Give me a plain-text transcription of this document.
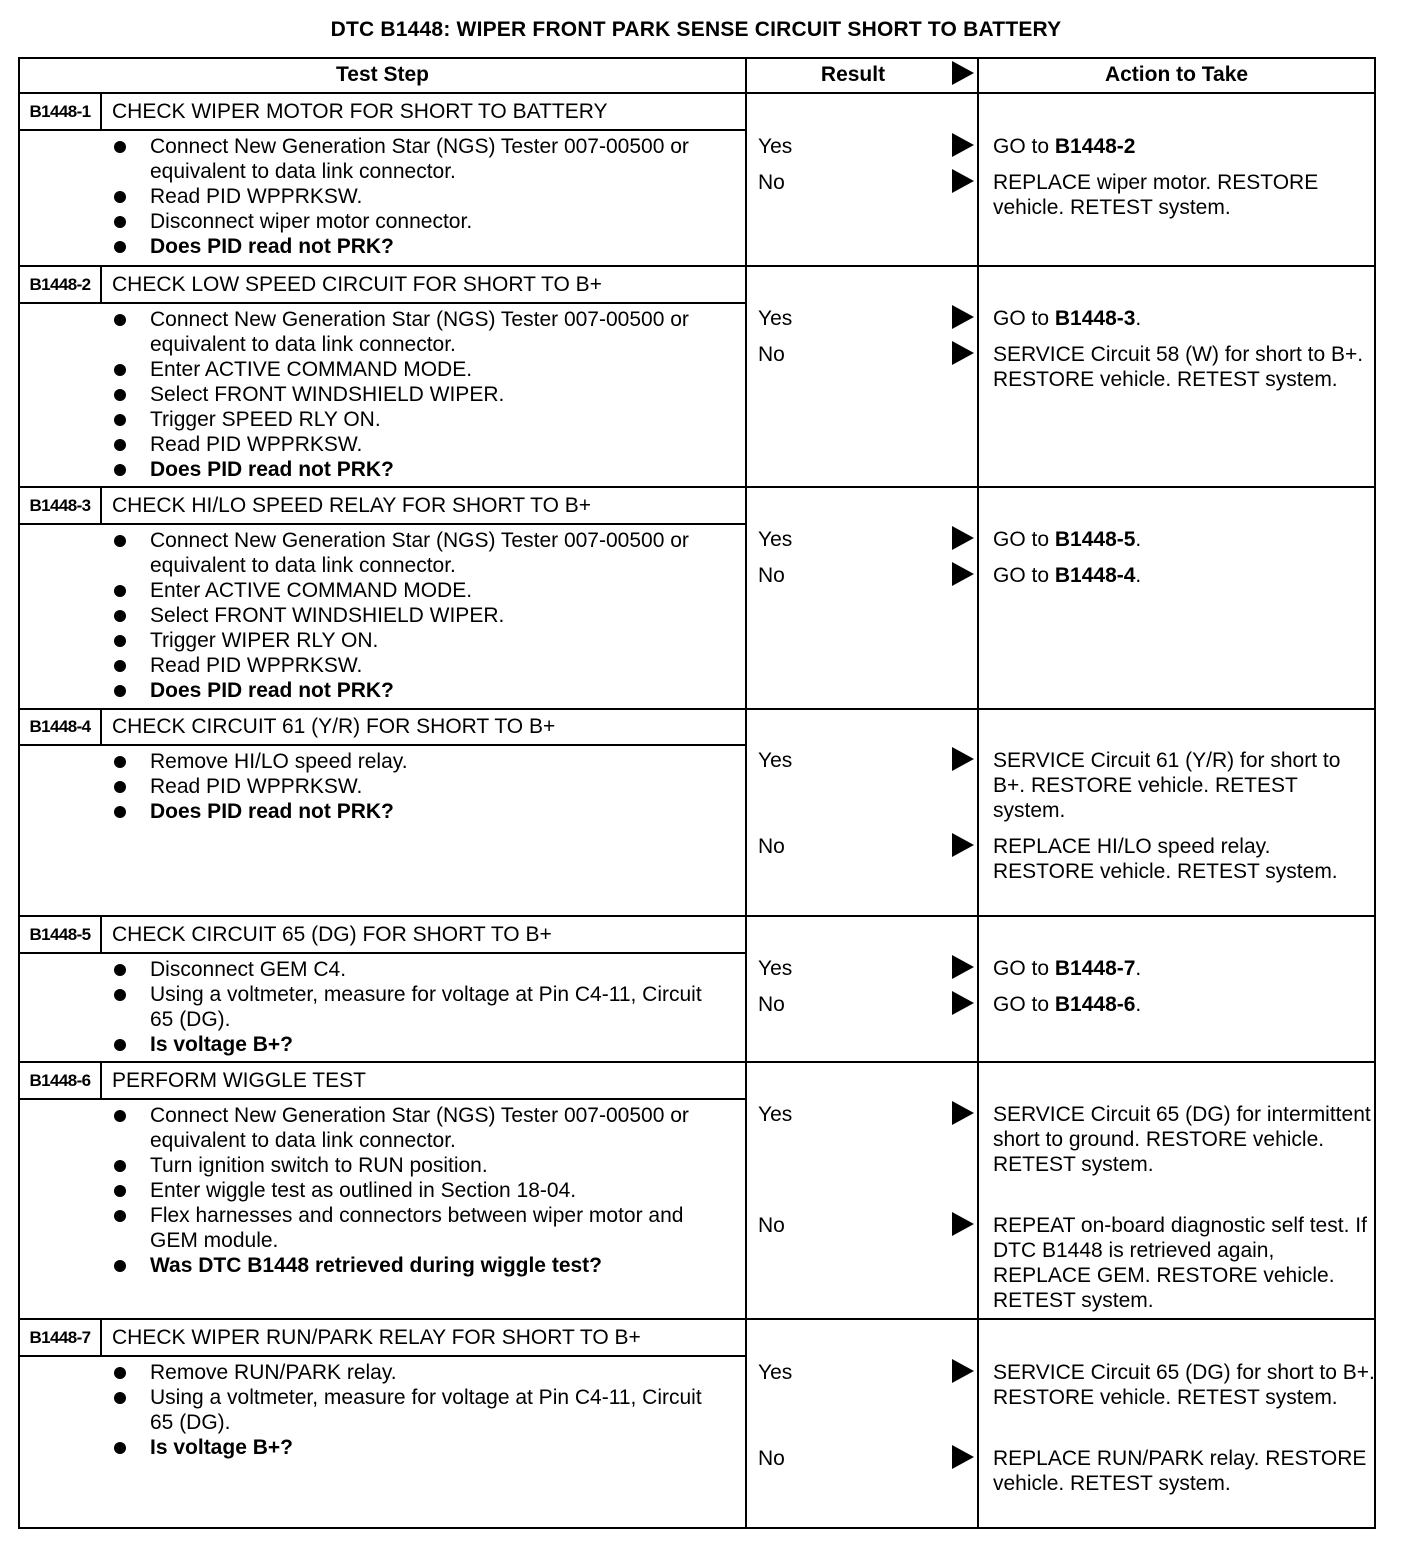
DTC B1448: WIPER FRONT PARK SENSE CIRCUIT SHORT TO BATTERY
Test Step	Result	Action to Take
B1448-1	CHECK WIPER MOTOR FOR SHORT TO BATTERY
Connect New Generation Star (NGS) Tester 007-00500 or equivalent to data link connector.
Read PID WPPRKSW.
Disconnect wiper motor connector.
Does PID read not PRK?
Yes	GO to B1448-2
No	REPLACE wiper motor. RESTORE vehicle. RETEST system.
B1448-2	CHECK LOW SPEED CIRCUIT FOR SHORT TO B+
Connect New Generation Star (NGS) Tester 007-00500 or equivalent to data link connector.
Enter ACTIVE COMMAND MODE.
Select FRONT WINDSHIELD WIPER.
Trigger SPEED RLY ON.
Read PID WPPRKSW.
Does PID read not PRK?
Yes	GO to B1448-3.
No	SERVICE Circuit 58 (W) for short to B+. RESTORE vehicle. RETEST system.
B1448-3	CHECK HI/LO SPEED RELAY FOR SHORT TO B+
Connect New Generation Star (NGS) Tester 007-00500 or equivalent to data link connector.
Enter ACTIVE COMMAND MODE.
Select FRONT WINDSHIELD WIPER.
Trigger WIPER RLY ON.
Read PID WPPRKSW.
Does PID read not PRK?
Yes	GO to B1448-5.
No	GO to B1448-4.
B1448-4	CHECK CIRCUIT 61 (Y/R) FOR SHORT TO B+
Remove HI/LO speed relay.
Read PID WPPRKSW.
Does PID read not PRK?
Yes	SERVICE Circuit 61 (Y/R) for short to B+. RESTORE vehicle. RETEST system.
No	REPLACE HI/LO speed relay. RESTORE vehicle. RETEST system.
B1448-5	CHECK CIRCUIT 65 (DG) FOR SHORT TO B+
Disconnect GEM C4.
Using a voltmeter, measure for voltage at Pin C4-11, Circuit 65 (DG).
Is voltage B+?
Yes	GO to B1448-7.
No	GO to B1448-6.
B1448-6	PERFORM WIGGLE TEST
Connect New Generation Star (NGS) Tester 007-00500 or equivalent to data link connector.
Turn ignition switch to RUN position.
Enter wiggle test as outlined in Section 18-04.
Flex harnesses and connectors between wiper motor and GEM module.
Was DTC B1448 retrieved during wiggle test?
Yes	SERVICE Circuit 65 (DG) for intermittent short to ground. RESTORE vehicle. RETEST system.
No	REPEAT on-board diagnostic self test. If DTC B1448 is retrieved again, REPLACE GEM. RESTORE vehicle. RETEST system.
B1448-7	CHECK WIPER RUN/PARK RELAY FOR SHORT TO B+
Remove RUN/PARK relay.
Using a voltmeter, measure for voltage at Pin C4-11, Circuit 65 (DG).
Is voltage B+?
Yes	SERVICE Circuit 65 (DG) for short to B+. RESTORE vehicle. RETEST system.
No	REPLACE RUN/PARK relay. RESTORE vehicle. RETEST system.
